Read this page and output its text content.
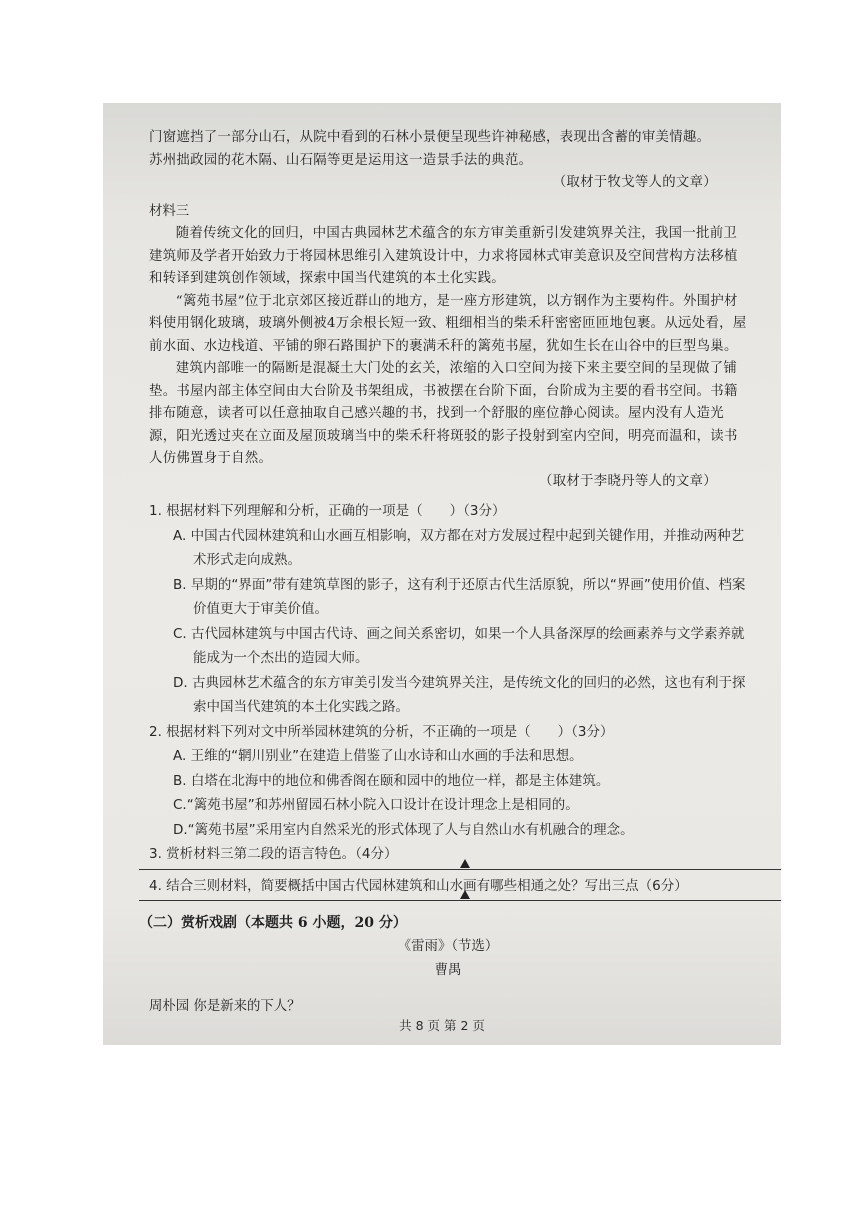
门窗遮挡了一部分山石，从院中看到的石林小景便呈现些许神秘感，表现出含蓄的审美情趣。

苏州拙政园的花木隔、山石隔等更是运用这一造景手法的典范。

（取材于牧戈等人的文章）

材料三

随着传统文化的回归，中国古典园林艺术蕴含的东方审美重新引发建筑界关注，我国一批前卫建筑师及学者开始致力于将园林思维引入建筑设计中，力求将园林式审美意识及空间营构方法移植和转译到建筑创作领域，探索中国当代建筑的本土化实践。

“篱苑书屋”位于北京郊区接近群山的地方，是一座方形建筑，以方钢作为主要构件。外围护材料使用钢化玻璃，玻璃外侧被4万余根长短一致、粗细相当的柴禾秆密密匝匝地包裹。从远处看，屋前水面、水边栈道、平铺的卵石路围护下的裹满禾秆的篱苑书屋，犹如生长在山谷中的巨型鸟巢。

建筑内部唯一的隔断是混凝土大门处的玄关，浓缩的入口空间为接下来主要空间的呈现做了铺垫。书屋内部主体空间由大台阶及书架组成，书被摆在台阶下面，台阶成为主要的看书空间。书籍排布随意，读者可以任意抽取自己感兴趣的书，找到一个舒服的座位静心阅读。屋内没有人造光源，阳光透过夹在立面及屋顶玻璃当中的柴禾秆将斑驳的影子投射到室内空间，明亮而温和，读书人仿佛置身于自然。

（取材于李晓丹等人的文章）

1. 根据材料下列理解和分析，正确的一项是（　　）（3分）

A. 中国古代园林建筑和山水画互相影响，双方都在对方发展过程中起到关键作用，并推动两种艺术形式走向成熟。

B. 早期的“界面”带有建筑草图的影子，这有利于还原古代生活原貌，所以“界画”使用价值、档案价值更大于审美价值。

C. 古代园林建筑与中国古代诗、画之间关系密切，如果一个人具备深厚的绘画素养与文学素养就能成为一个杰出的造园大师。

D. 古典园林艺术蕴含的东方审美引发当今建筑界关注，是传统文化的回归的必然，这也有利于探索中国当代建筑的本土化实践之路。

2. 根据材料下列对文中所举园林建筑的分析，不正确的一项是（　　）（3分）

A. 王维的“辋川别业”在建造上借鉴了山水诗和山水画的手法和思想。

B. 白塔在北海中的地位和佛香阁在颐和园中的地位一样，都是主体建筑。

C.“篱苑书屋”和苏州留园石林小院入口设计在设计理念上是相同的。

D.“篱苑书屋”采用室内自然采光的形式体现了人与自然山水有机融合的理念。

3. 赏析材料三第二段的语言特色。（4分）

4. 结合三则材料，简要概括中国古代园林建筑和山水画有哪些相通之处？写出三点（6分）

（二）赏析戏剧（本题共 6 小题，20 分）

《雷雨》（节选）

曹禺

周朴园 你是新来的下人？

共 8 页 第 2 页
